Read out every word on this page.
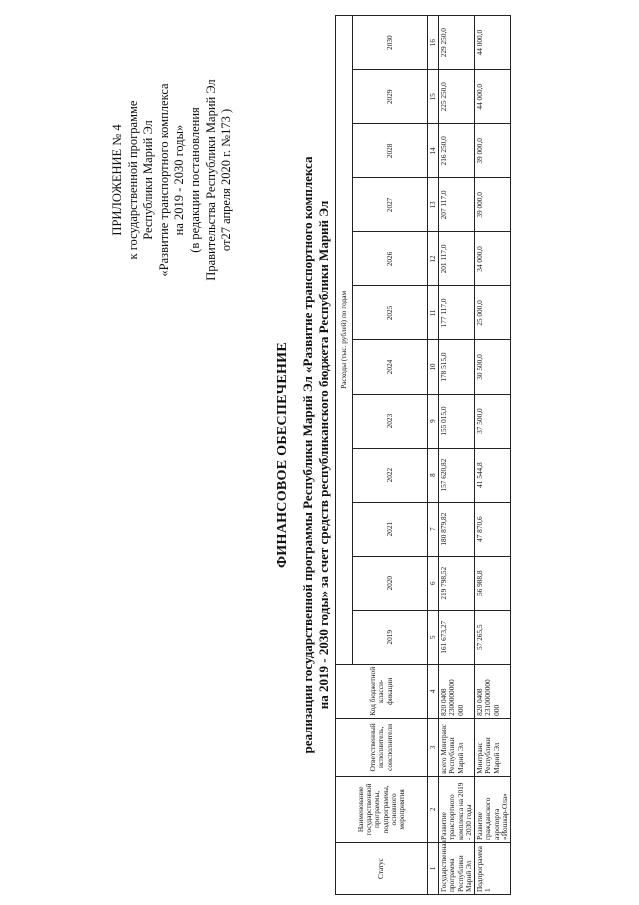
ПРИЛОЖЕНИЕ № 4 к государственной программе Республики Марий Эл «Развитие транспортного комплекса на 2019 - 2030 годы» (в редакции постановления Правительства Республики Марий Эл от27 апреля 2020 г. №173 )
ФИНАНСОВОЕ ОБЕСПЕЧЕНИЕ реализации государственной программы Республики Марий Эл «Развитие транспортного комплекса на 2019 - 2030 годы» за счет средств республиканского бюджета Республики Марий Эл
Статус	Наименование государственной программы, подпрограммы, основного мероприятия	Ответственный исполнитель, соисполнители	Код бюджетной класси-фикации	Расходы (тыс. рублей) по годам											
				2019	2020	2021	2022	2023	2024	2025	2026	2027	2028	2029	2030
1	2	3	4	5	6	7	8	9	10	11	12	13	14	15	16
Государственная программа Республики Марий Эл	Развитие транспортного комплекса на 2019 - 2030 годы	всего Минтранс Республики Марий Эл	820 0408 2300000000 000	161 673,27	219 798,52	180 879,82	157 620,82	155 015,0	178 515,0	177 117,0	201 117,0	207 117,0	216 250,0	225 250,0	229 250,0
Подпрограмма 1	Развитие гражданского аэропорта «Йошкар-Ола»	Минтранс Республики Марий Эл	820 0408 2310000000 000	57 265,5	56 988,8	47 870,6	41 544,8	37 500,0	30 500,0	25 000,0	34 000,0	39 000,0	39 000,0	44 000,0	44 000,0
